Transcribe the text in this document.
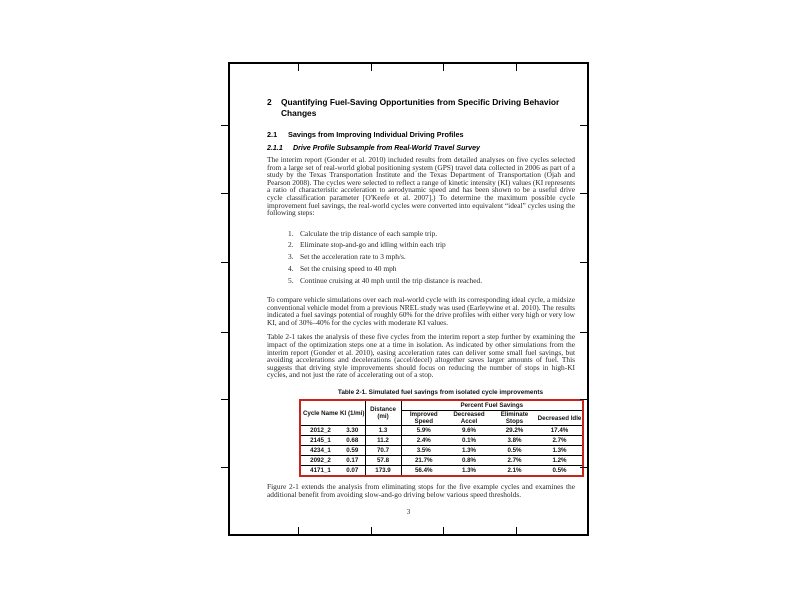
2	Quantifying Fuel-Saving Opportunities from Specific Driving Behavior Changes
2.1	Savings from Improving Individual Driving Profiles
2.1.1	Drive Profile Subsample from Real-World Travel Survey

The interim report (Gonder et al. 2010) included results from detailed analyses on five cycles selected from a large set of real-world global positioning system (GPS) travel data collected in 2006 as part of a study by the Texas Transportation Institute and the Texas Department of Transportation (Ojah and Pearson 2008). The cycles were selected to reflect a range of kinetic intensity (KI) values (KI represents a ratio of characteristic acceleration to aerodynamic speed and has been shown to be a useful drive cycle classification parameter [O'Keefe et al. 2007].) To determine the maximum possible cycle improvement fuel savings, the real-world cycles were converted into equivalent “ideal” cycles using the following steps:

1. Calculate the trip distance of each sample trip.
2. Eliminate stop-and-go and idling within each trip
3. Set the acceleration rate to 3 mph/s.
4. Set the cruising speed to 40 mph
5. Continue cruising at 40 mph until the trip distance is reached.

To compare vehicle simulations over each real-world cycle with its corresponding ideal cycle, a midsize conventional vehicle model from a previous NREL study was used (Earleywine et al. 2010). The results indicated a fuel savings potential of roughly 60% for the drive profiles with either very high or very low KI, and of 30%–40% for the cycles with moderate KI values.

Table 2-1 takes the analysis of these five cycles from the interim report a step further by examining the impact of the optimization steps one at a time in isolation. As indicated by other simulations from the interim report (Gonder et al. 2010), easing acceleration rates can deliver some small fuel savings, but avoiding accelerations and decelerations (accel/decel) altogether saves larger amounts of fuel. This suggests that driving style improvements should focus on reducing the number of stops in high-KI cycles, and not just the rate of accelerating out of a stop.

Table 2-1. Simulated fuel savings from isolated cycle improvements

Cycle Name	KI (1/mi)	Distance (mi)	Percent Fuel Savings			
			Improved Speed	Decreased Accel	Eliminate Stops	Decreased Idle
2012_2	3.30	1.3	5.9%	9.6%	29.2%	17.4%
2145_1	0.68	11.2	2.4%	0.1%	3.8%	2.7%
4234_1	0.59	70.7	3.5%	1.3%	0.5%	1.3%
2092_2	0.17	57.8	21.7%	0.8%	2.7%	1.2%
4171_1	0.07	173.9	56.4%	1.3%	2.1%	0.5%

Figure 2-1 extends the analysis from eliminating stops for the five example cycles and examines the additional benefit from avoiding slow-and-go driving below various speed thresholds.

3
